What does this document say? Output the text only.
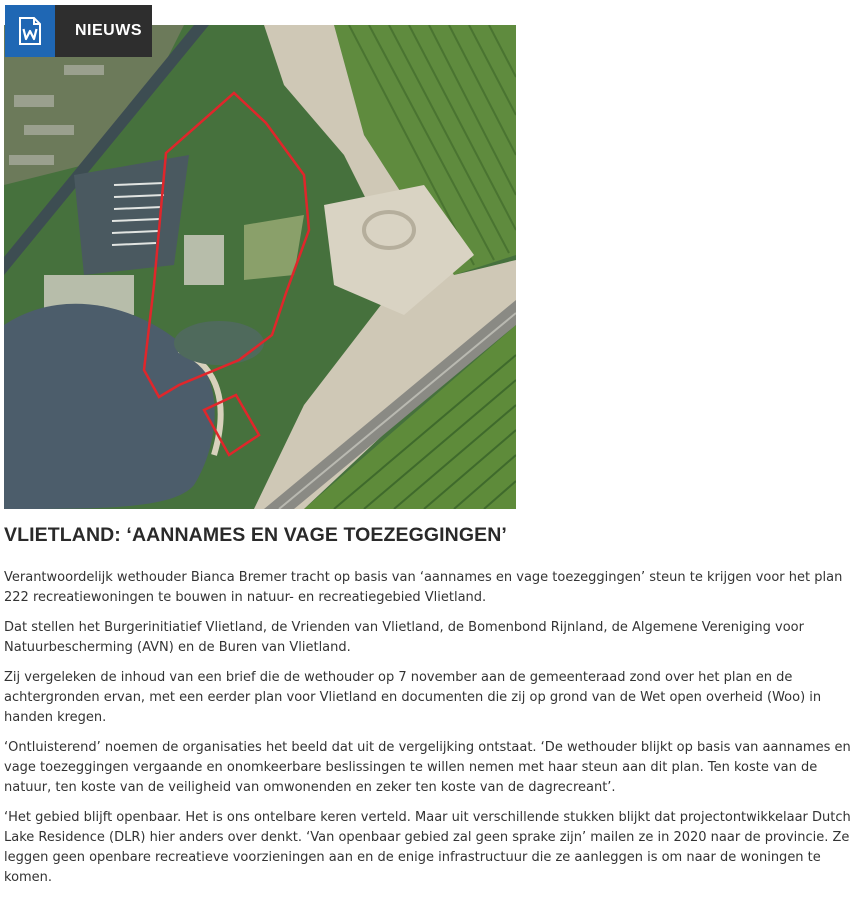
NIEUWS
VLIETLAND: ‘AANNAMES EN VAGE TOEZEGGINGEN’

Verantwoordelijk wethouder Bianca Bremer tracht op basis van ‘aannames en vage toezeggingen’ steun te krijgen voor het plan 222 recreatiewoningen te bouwen in natuur- en recreatiegebied Vlietland.

Dat stellen het Burgerinitiatief Vlietland, de Vrienden van Vlietland, de Bomenbond Rijnland, de Algemene Vereniging voor Natuurbescherming (AVN) en de Buren van Vlietland.

Zij vergeleken de inhoud van een brief die de wethouder op 7 november aan de gemeenteraad zond over het plan en de achtergronden ervan, met een eerder plan voor Vlietland en documenten die zij op grond van de Wet open overheid (Woo) in handen kregen.

‘Ontluisterend’ noemen de organisaties het beeld dat uit de vergelijking ontstaat. ‘De wethouder blijkt op basis van aannames en vage toezeggingen vergaande en onomkeerbare beslissingen te willen nemen met haar steun aan dit plan. Ten koste van de natuur, ten koste van de veiligheid van omwonenden en zeker ten koste van de dagrecreant’.

‘Het gebied blijft openbaar. Het is ons ontelbare keren verteld. Maar uit verschillende stukken blijkt dat projectontwikkelaar Dutch Lake Residence (DLR) hier anders over denkt. ‘Van openbaar gebied zal geen sprake zijn’ mailen ze in 2020 naar de provincie. Ze leggen geen openbare recreatieve voorzieningen aan en de enige infrastructuur die ze aanleggen is om naar de woningen te komen.
